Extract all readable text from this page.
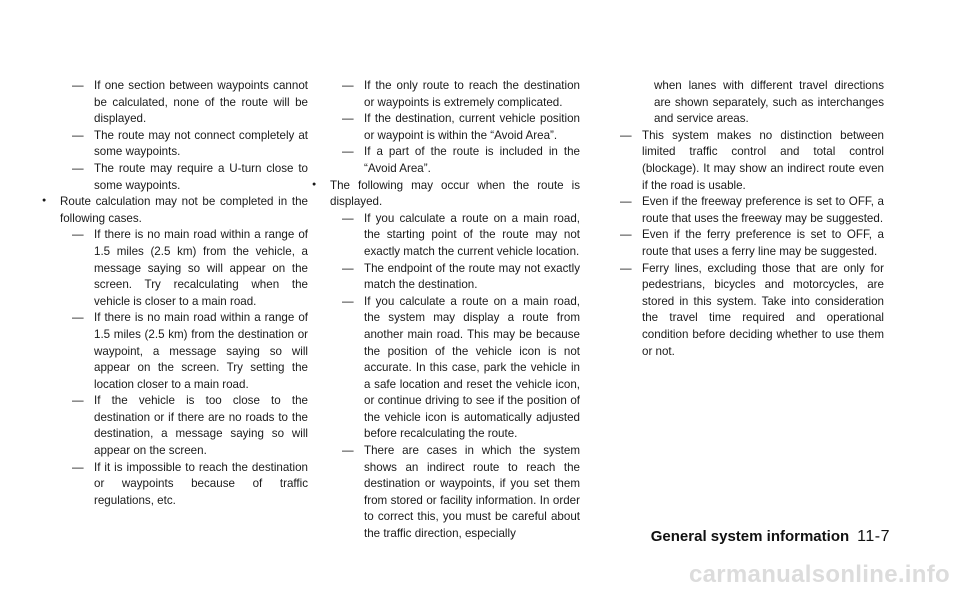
— If one section between waypoints cannot be calculated, none of the route will be displayed.

— The route may not connect completely at some waypoints.

— The route may require a U-turn close to some waypoints.

● Route calculation may not be completed in the following cases.

— If there is no main road within a range of 1.5 miles (2.5 km) from the vehicle, a message saying so will appear on the screen. Try recalculating when the vehicle is closer to a main road.

— If there is no main road within a range of 1.5 miles (2.5 km) from the destination or waypoint, a message saying so will appear on the screen. Try setting the location closer to a main road.

— If the vehicle is too close to the destination or if there are no roads to the destination, a message saying so will appear on the screen.

— If it is impossible to reach the destination or waypoints because of traffic regulations, etc.

— If the only route to reach the destination or waypoints is extremely complicated.

— If the destination, current vehicle position or waypoint is within the “Avoid Area”.

— If a part of the route is included in the “Avoid Area”.

● The following may occur when the route is displayed.

— If you calculate a route on a main road, the starting point of the route may not exactly match the current vehicle location.

— The endpoint of the route may not exactly match the destination.

— If you calculate a route on a main road, the system may display a route from another main road. This may be because the position of the vehicle icon is not accurate. In this case, park the vehicle in a safe location and reset the vehicle icon, or continue driving to see if the position of the vehicle icon is automatically adjusted before recalculating the route.

— There are cases in which the system shows an indirect route to reach the destination or waypoints, if you set them from stored or facility information. In order to correct this, you must be careful about the traffic direction, especially

when lanes with different travel directions are shown separately, such as interchanges and service areas.

— This system makes no distinction between limited traffic control and total control (blockage). It may show an indirect route even if the road is usable.

— Even if the freeway preference is set to OFF, a route that uses the freeway may be suggested.

— Even if the ferry preference is set to OFF, a route that uses a ferry line may be suggested.

— Ferry lines, excluding those that are only for pedestrians, bicycles and motorcycles, are stored in this system. Take into consideration the travel time required and operational condition before deciding whether to use them or not.

General system information 11-7
carmanualsonline.info
